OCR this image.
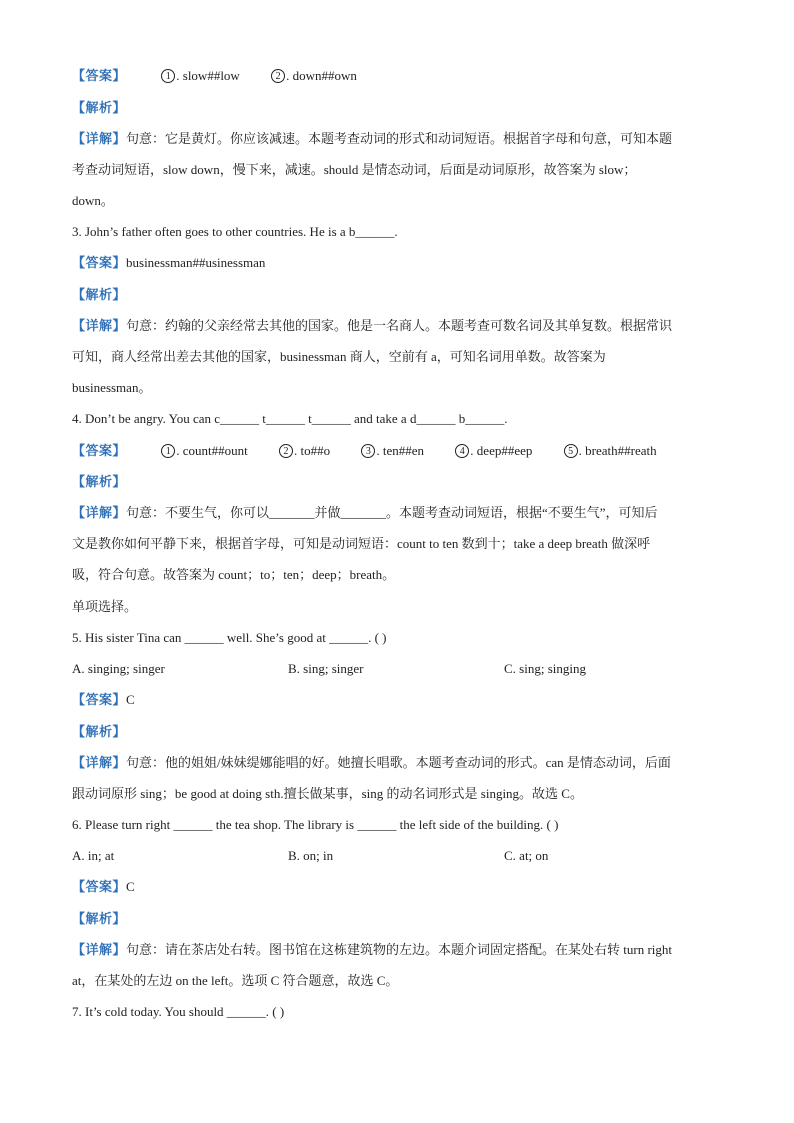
【答案】	1 . slow##low	2 . down##own
【解析】
【详解】句意：它是黄灯。你应该减速。本题考查动词的形式和动词短语。根据首字母和句意，可知本题
考查动词短语，slow down，慢下来，减速。should 是情态动词，后面是动词原形，故答案为 slow；
down。
3. John’s father often goes to other countries. He is a b______.
【答案】businessman##usinessman
【解析】
【详解】句意：约翰的父亲经常去其他的国家。他是一名商人。本题考查可数名词及其单复数。根据常识
可知，商人经常出差去其他的国家，businessman 商人，空前有 a，可知名词用单数。故答案为
businessman。
4. Don’t be angry. You can c______ t______ t______ and take a d______ b______.
【答案】	1 . count##ount	2 . to##o	3 . ten##en	4 . deep##eep	5 . breath##reath
【解析】
【详解】句意：不要生气，你可以_______并做_______。本题考查动词短语，根据“不要生气”，可知后
文是教你如何平静下来，根据首字母，可知是动词短语：count to ten 数到十；take a deep breath 做深呼
吸，符合句意。故答案为 count；to；ten；deep；breath。
单项选择。
5. His sister Tina can ______ well. She’s good at ______. ( )
A. singing; singer	B. sing; singer	C. sing; singing
【答案】C
【解析】
【详解】句意：他的姐姐/妹妹缇娜能唱的好。她擅长唱歌。本题考查动词的形式。can 是情态动词，后面
跟动词原形 sing；be good at doing sth.擅长做某事，sing 的动名词形式是 singing。故选 C。
6. Please turn right ______ the tea shop. The library is ______ the left side of the building. ( )
A. in; at	B. on; in	C. at; on
【答案】C
【解析】
【详解】句意：请在茶店处右转。图书馆在这栋建筑物的左边。本题介词固定搭配。在某处右转 turn right
at，在某处的左边 on the left。选项 C 符合题意，故选 C。
7. It’s cold today. You should ______. ( )
